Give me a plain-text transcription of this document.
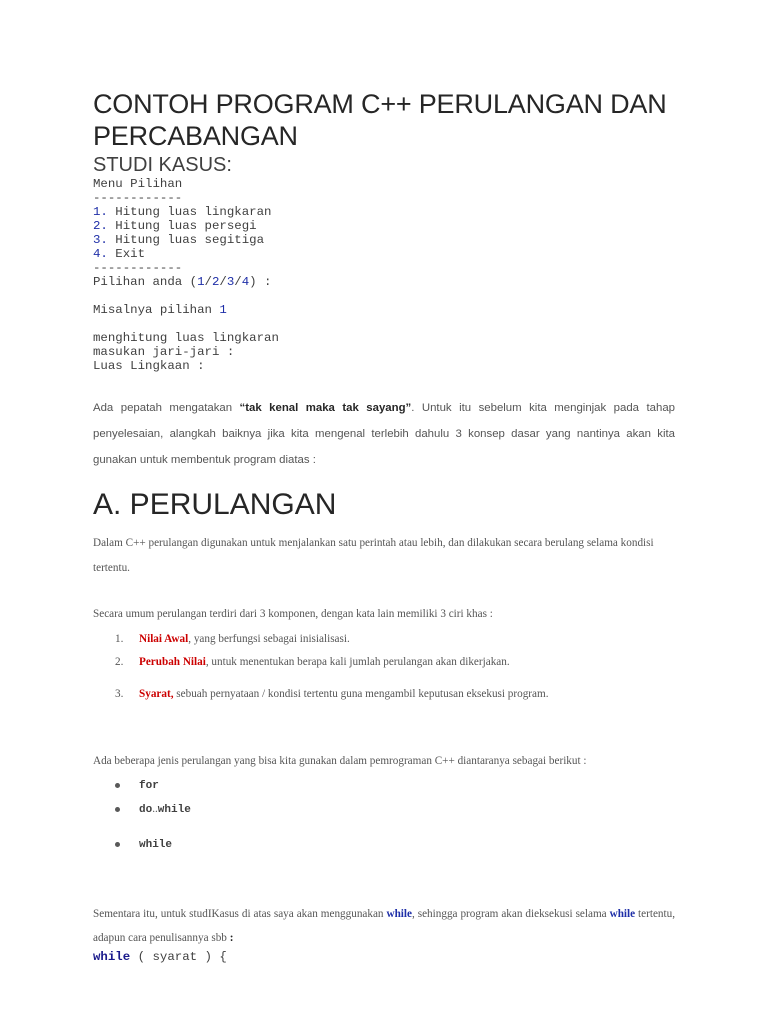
CONTOH PROGRAM C++ PERULANGAN DAN PERCABANGAN
STUDI KASUS:
Menu Pilihan
------------
1. Hitung luas lingkaran
2. Hitung luas persegi
3. Hitung luas segitiga
4. Exit
------------
Pilihan anda (1/2/3/4) :
Misalnya pilihan 1
menghitung luas lingkaran
masukan jari-jari :
Luas Lingkaan :

Ada pepatah mengatakan “tak kenal maka tak sayang”. Untuk itu sebelum kita menginjak pada tahap penyelesaian, alangkah baiknya jika kita mengenal terlebih dahulu 3 konsep dasar yang nantinya akan kita gunakan untuk membentuk program diatas :

A. PERULANGAN

Dalam C++ perulangan digunakan untuk menjalankan satu perintah atau lebih, dan dilakukan secara berulang selama kondisi tertentu.

Secara umum perulangan terdiri dari 3 komponen, dengan kata lain memiliki 3 ciri khas :

1. Nilai Awal, yang berfungsi sebagai inisialisasi.
2. Perubah Nilai, untuk menentukan berapa kali jumlah perulangan akan dikerjakan.
3. Syarat, sebuah pernyataan / kondisi tertentu guna mengambil keputusan eksekusi program.

Ada beberapa jenis perulangan yang bisa kita gunakan dalam pemrograman C++ diantaranya sebagai berikut :

for
do..while
while

Sementara itu, untuk studIKasus di atas saya akan menggunakan while, sehingga program akan dieksekusi selama while tertentu, adapun cara penulisannya sbb :

while ( syarat ) {
